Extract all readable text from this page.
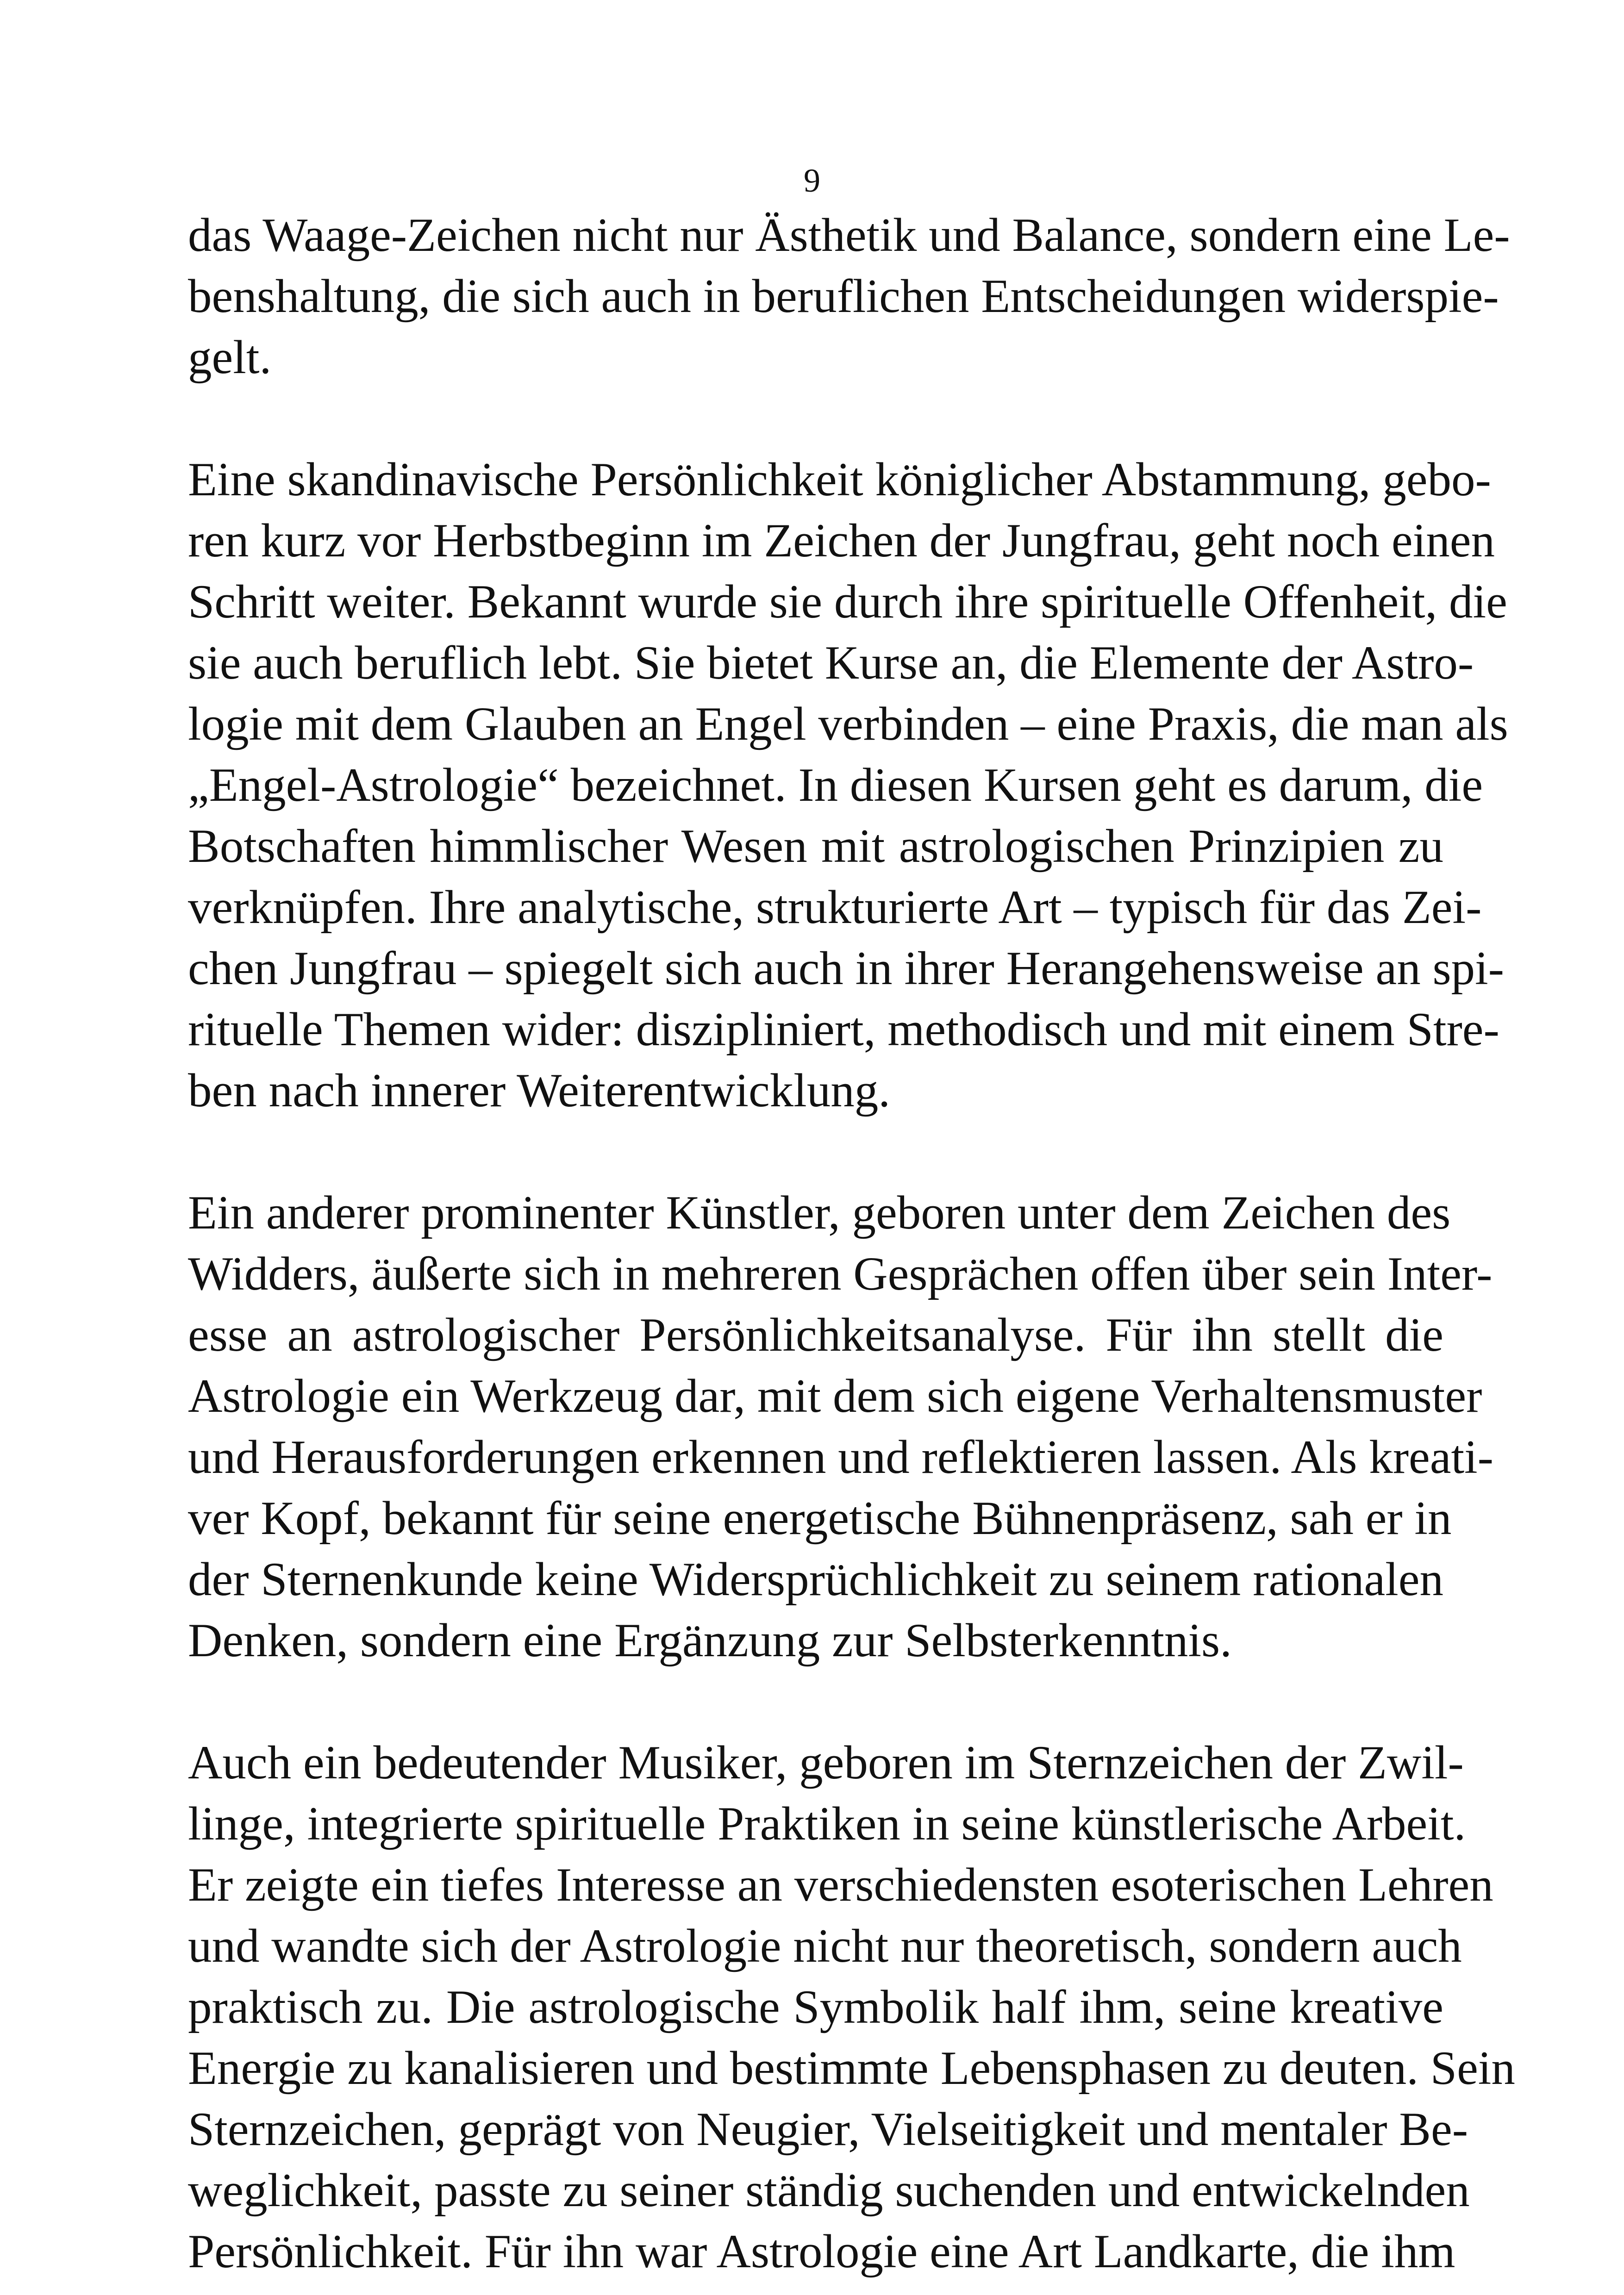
9
das Waage-Zeichen nicht nur Ästhetik und Balance, sondern eine Le-
benshaltung, die sich auch in beruflichen Entscheidungen widerspie-
gelt.
Eine skandinavische Persönlichkeit königlicher Abstammung, gebo-
ren kurz vor Herbstbeginn im Zeichen der Jungfrau, geht noch einen
Schritt weiter. Bekannt wurde sie durch ihre spirituelle Offenheit, die
sie auch beruflich lebt. Sie bietet Kurse an, die Elemente der Astro-
logie mit dem Glauben an Engel verbinden – eine Praxis, die man als
„Engel-Astrologie“ bezeichnet. In diesen Kursen geht es darum, die
Botschaften himmlischer Wesen mit astrologischen Prinzipien zu
verknüpfen. Ihre analytische, strukturierte Art – typisch für das Zei-
chen Jungfrau – spiegelt sich auch in ihrer Herangehensweise an spi-
rituelle Themen wider: diszipliniert, methodisch und mit einem Stre-
ben nach innerer Weiterentwicklung.
Ein anderer prominenter Künstler, geboren unter dem Zeichen des
Widders, äußerte sich in mehreren Gesprächen offen über sein Inter-
esse an astrologischer Persönlichkeitsanalyse. Für ihn stellt die
Astrologie ein Werkzeug dar, mit dem sich eigene Verhaltensmuster
und Herausforderungen erkennen und reflektieren lassen. Als kreati-
ver Kopf, bekannt für seine energetische Bühnenpräsenz, sah er in
der Sternenkunde keine Widersprüchlichkeit zu seinem rationalen
Denken, sondern eine Ergänzung zur Selbsterkenntnis.
Auch ein bedeutender Musiker, geboren im Sternzeichen der Zwil-
linge, integrierte spirituelle Praktiken in seine künstlerische Arbeit.
Er zeigte ein tiefes Interesse an verschiedensten esoterischen Lehren
und wandte sich der Astrologie nicht nur theoretisch, sondern auch
praktisch zu. Die astrologische Symbolik half ihm, seine kreative
Energie zu kanalisieren und bestimmte Lebensphasen zu deuten. Sein
Sternzeichen, geprägt von Neugier, Vielseitigkeit und mentaler Be-
weglichkeit, passte zu seiner ständig suchenden und entwickelnden
Persönlichkeit. Für ihn war Astrologie eine Art Landkarte, die ihm
